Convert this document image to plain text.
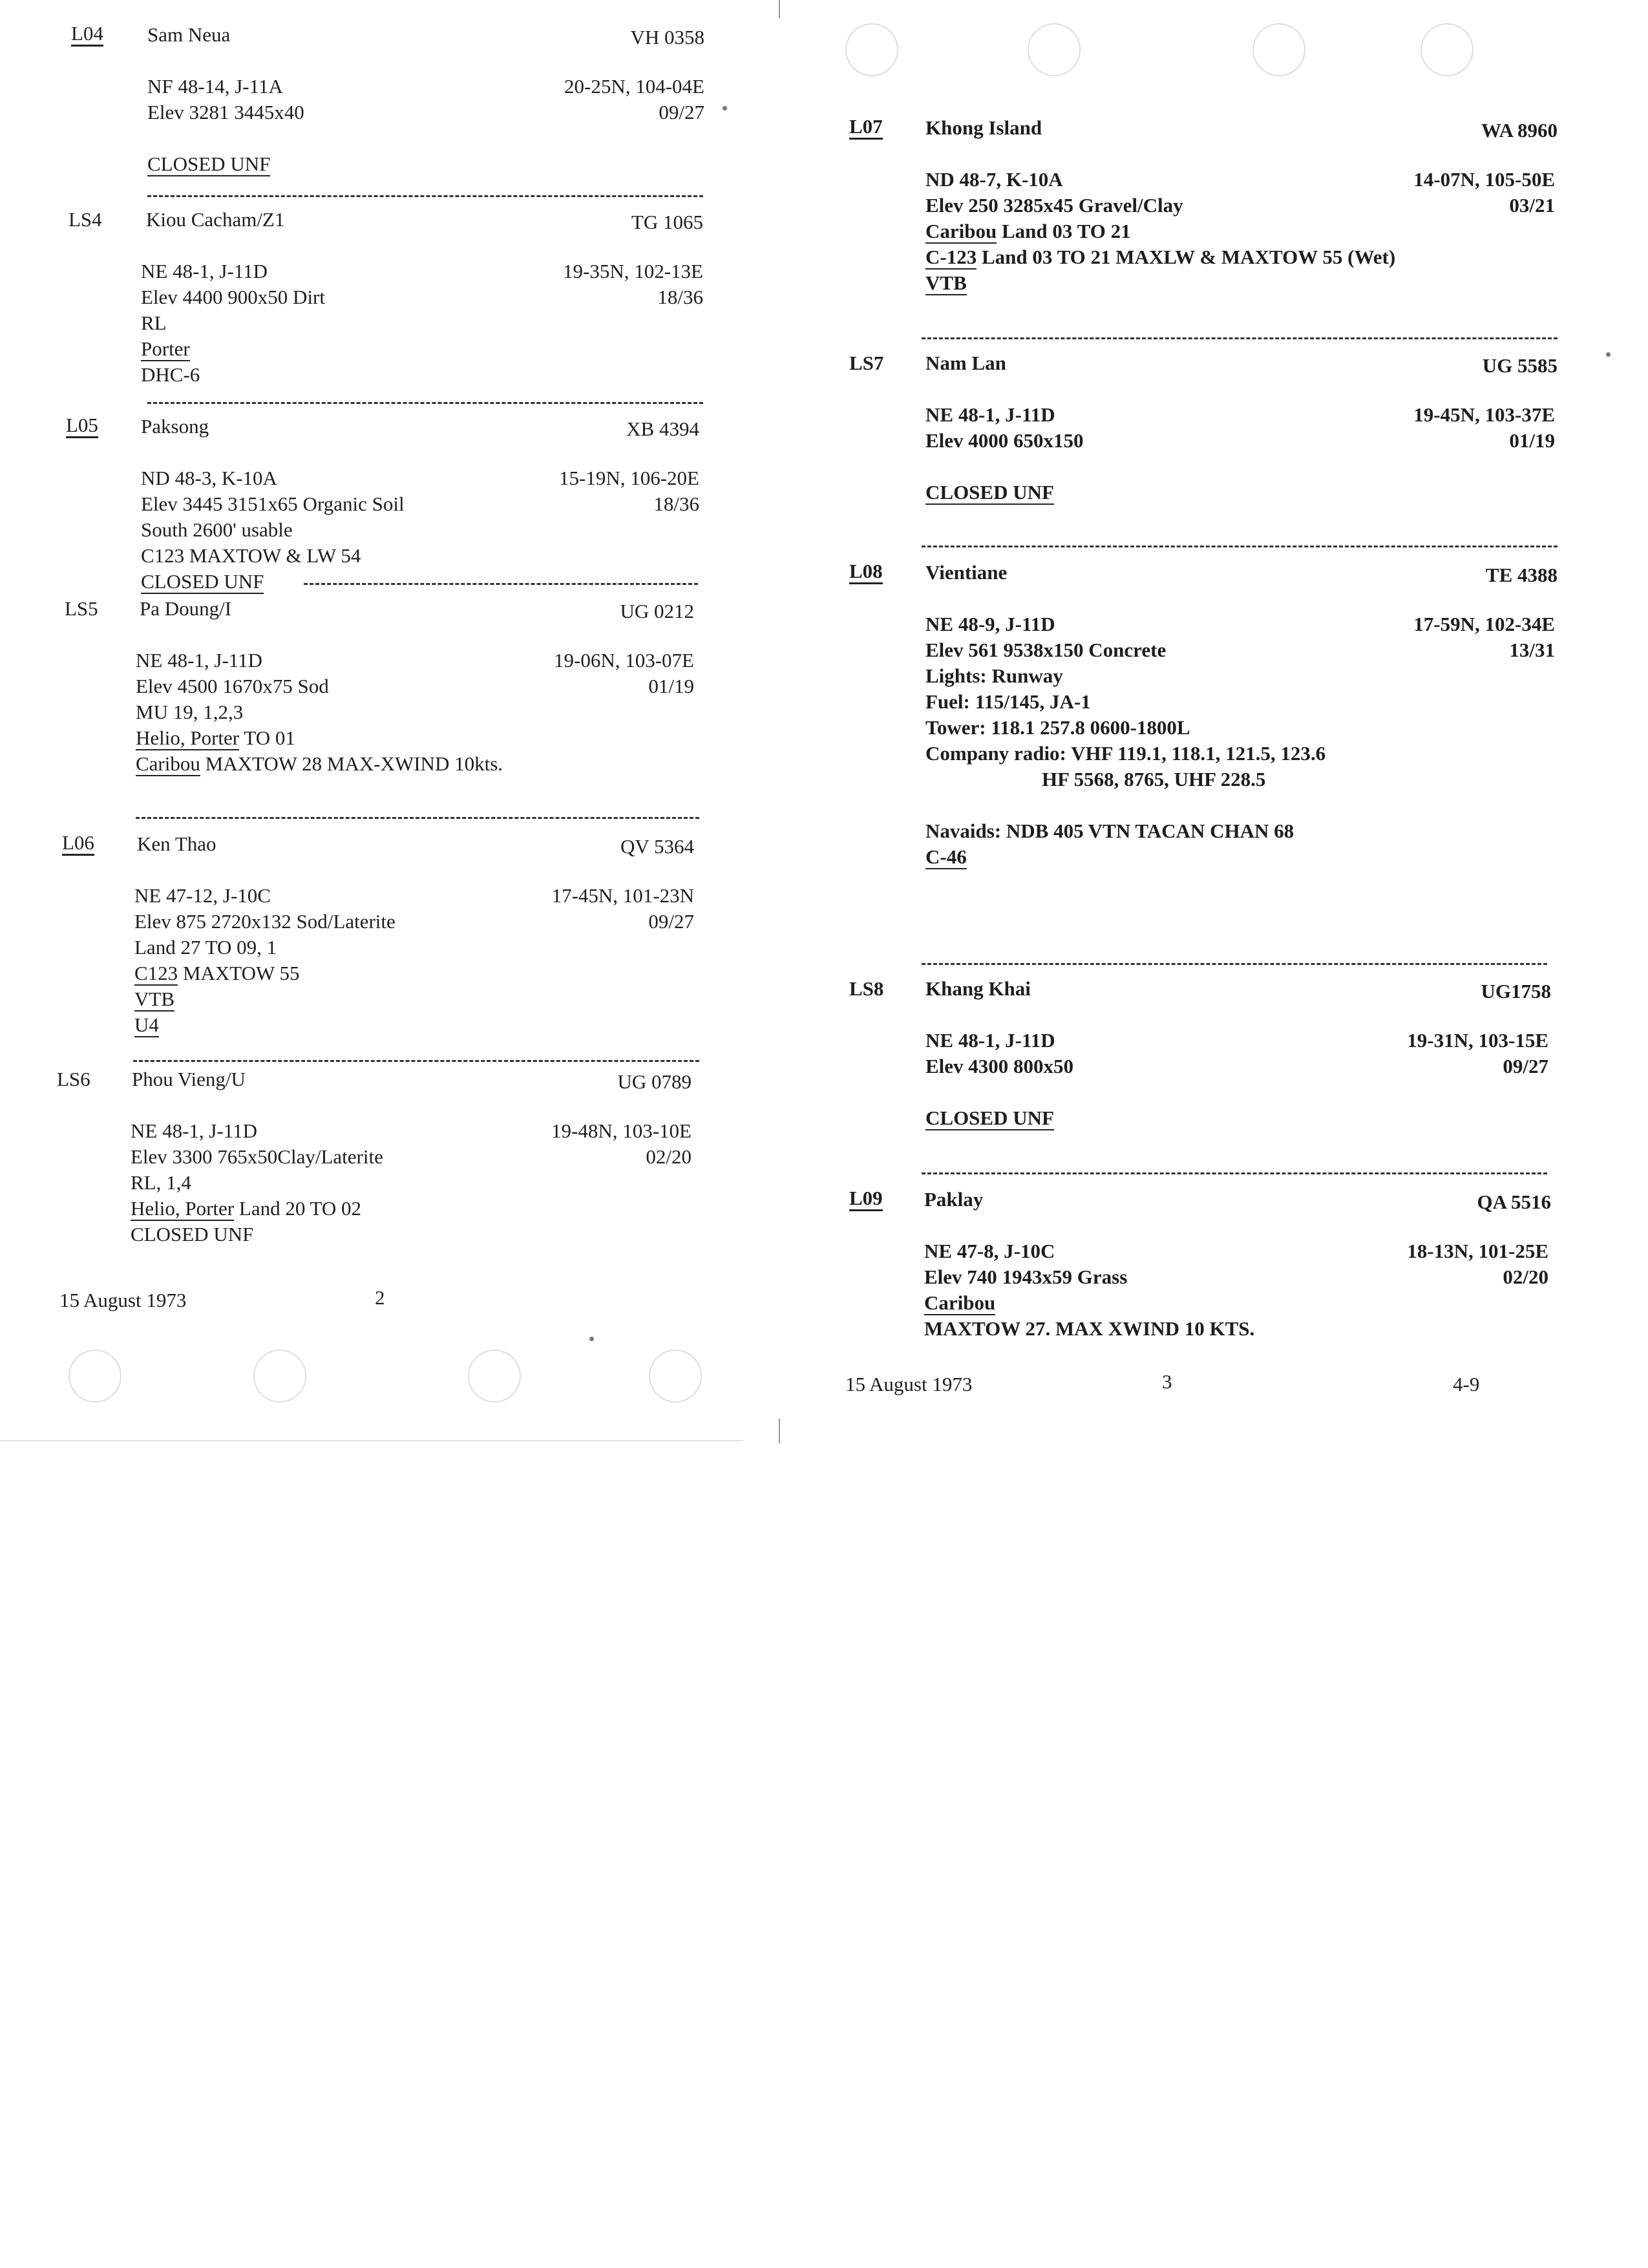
L04 Sam Neua	VH 0358
NF 48-14, J-11A	20-25N, 104-04E
Elev 3281 3445x40	09/27
CLOSED UNF
LS4 Kiou Cacham/Z1	TG 1065
NE 48-1, J-11D	19-35N, 102-13E
Elev 4400 900x50 Dirt	18/36
RL
Porter
DHC-6
L05 Paksong	XB 4394
ND 48-3, K-10A	15-19N, 106-20E
Elev 3445 3151x65 Organic Soil	18/36
South 2600' usable
C123 MAXTOW & LW 54
CLOSED UNF
LS5 Pa Doung/I	UG 0212
NE 48-1, J-11D	19-06N, 103-07E
Elev 4500 1670x75 Sod	01/19
MU 19, 1,2,3
Helio, Porter TO 01
Caribou MAXTOW 28 MAX-XWIND 10kts.
L06 Ken Thao	QV 5364
NE 47-12, J-10C	17-45N, 101-23N
Elev 875 2720x132 Sod/Laterite	09/27
Land 27 TO 09, 1
C123 MAXTOW 55
VTB
U4
LS6 Phou Vieng/U	UG 0789
NE 48-1, J-11D	19-48N, 103-10E
Elev 3300 765x50Clay/Laterite	02/20
RL, 1,4
Helio, Porter Land 20 TO 02
CLOSED UNF
15 August 1973	2
L07 Khong Island	WA 8960
ND 48-7, K-10A	14-07N, 105-50E
Elev 250 3285x45 Gravel/Clay	03/21
Caribou Land 03 TO 21
C-123 Land 03 TO 21 MAXLW & MAXTOW 55 (Wet)
VTB
LS7 Nam Lan	UG 5585
NE 48-1, J-11D	19-45N, 103-37E
Elev 4000 650x150	01/19
CLOSED UNF
L08 Vientiane	TE 4388
NE 48-9, J-11D	17-59N, 102-34E
Elev 561 9538x150 Concrete	13/31
Lights: Runway
Fuel: 115/145, JA-1
Tower: 118.1 257.8 0600-1800L
Company radio: VHF 119.1, 118.1, 121.5, 123.6
HF 5568, 8765, UHF 228.5
Navaids: NDB 405 VTN TACAN CHAN 68
C-46
LS8 Khang Khai	UG1758
NE 48-1, J-11D	19-31N, 103-15E
Elev 4300 800x50	09/27
CLOSED UNF
L09 Paklay	QA 5516
NE 47-8, J-10C	18-13N, 101-25E
Elev 740 1943x59 Grass	02/20
Caribou
MAXTOW 27. MAX XWIND 10 KTS.
15 August 1973	3	4-9
